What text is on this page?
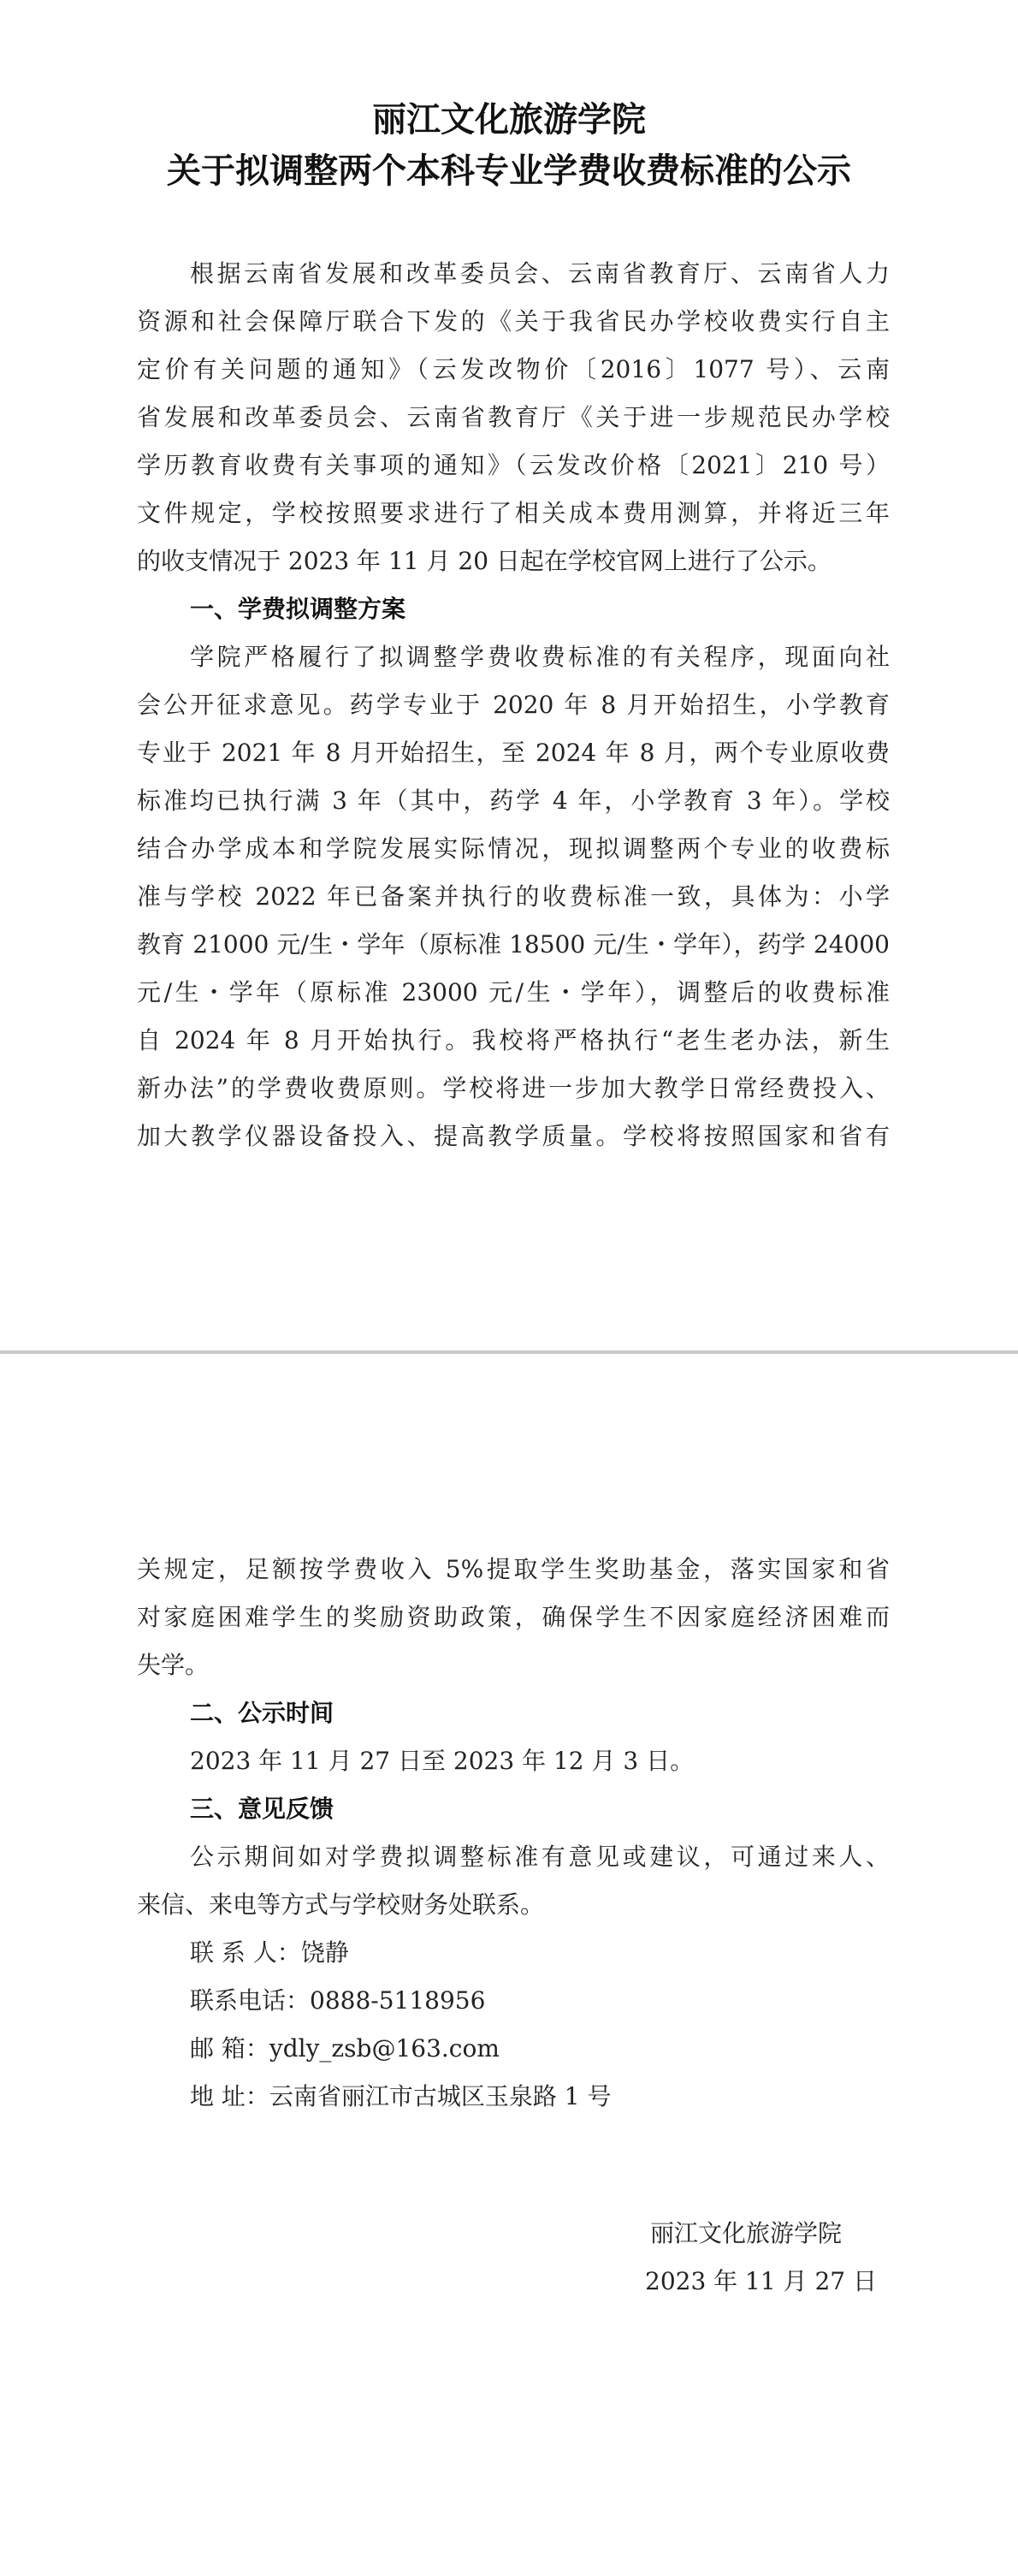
丽江文化旅游学院
关于拟调整两个本科专业学费收费标准的公示
根据云南省发展和改革委员会、云南省教育厅、云南省人力
资源和社会保障厅联合下发的《关于我省民办学校收费实行自主
定价有关问题的通知》（云发改物价〔2016〕1077 号）、云南
省发展和改革委员会、云南省教育厅《关于进一步规范民办学校
学历教育收费有关事项的通知》（云发改价格〔2021〕210 号）
文件规定，学校按照要求进行了相关成本费用测算，并将近三年
的收支情况于 2023 年 11 月 20 日起在学校官网上进行了公示。
一、学费拟调整方案
学院严格履行了拟调整学费收费标准的有关程序，现面向社
会公开征求意见。药学专业于 2020 年 8 月开始招生，小学教育
专业于 2021 年 8 月开始招生，至 2024 年 8 月，两个专业原收费
标准均已执行满 3 年（其中，药学 4 年，小学教育 3 年）。学校
结合办学成本和学院发展实际情况，现拟调整两个专业的收费标
准与学校 2022 年已备案并执行的收费标准一致，具体为：小学
教育 21000 元/生・学年（原标准 18500 元/生・学年），药学 24000
元/生・学年（原标准 23000 元/生・学年），调整后的收费标准
自 2024 年 8 月开始执行。我校将严格执行“老生老办法，新生
新办法”的学费收费原则。学校将进一步加大教学日常经费投入、
加大教学仪器设备投入、提高教学质量。学校将按照国家和省有
关规定，足额按学费收入 5%提取学生奖助基金，落实国家和省
对家庭困难学生的奖励资助政策，确保学生不因家庭经济困难而
失学。
二、公示时间
2023 年 11 月 27 日至 2023 年 12 月 3 日。
三、意见反馈
公示期间如对学费拟调整标准有意见或建议，可通过来人、
来信、来电等方式与学校财务处联系。
联 系 人：饶静
联系电话：0888-5118956
邮 箱：ydly_zsb@163.com
地 址：云南省丽江市古城区玉泉路 1 号
丽江文化旅游学院
2023 年 11 月 27 日
